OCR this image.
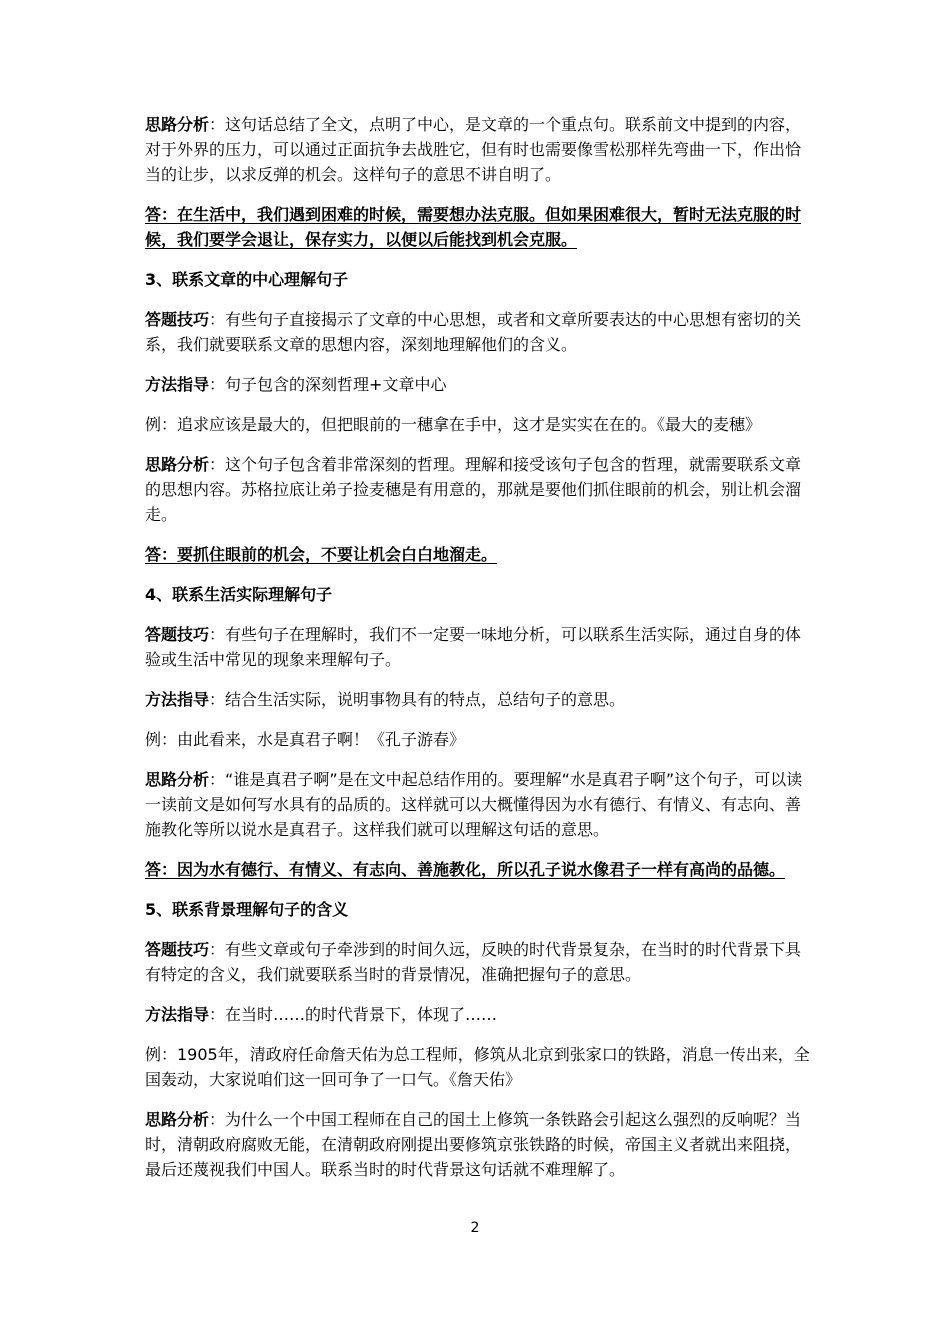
思路分析：这句话总结了全文，点明了中心，是文章的一个重点句。联系前文中提到的内容，对于外界的压力，可以通过正面抗争去战胜它，但有时也需要像雪松那样先弯曲一下，作出恰当的让步，以求反弹的机会。这样句子的意思不讲自明了。

答：在生活中，我们遇到困难的时候，需要想办法克服。但如果困难很大，暂时无法克服的时候，我们要学会退让，保存实力，以便以后能找到机会克服。

3、联系文章的中心理解句子

答题技巧：有些句子直接揭示了文章的中心思想，或者和文章所要表达的中心思想有密切的关系，我们就要联系文章的思想内容，深刻地理解他们的含义。

方法指导：句子包含的深刻哲理+文章中心

例：追求应该是最大的，但把眼前的一穗拿在手中，这才是实实在在的。《最大的麦穗》

思路分析：这个句子包含着非常深刻的哲理。理解和接受该句子包含的哲理，就需要联系文章的思想内容。苏格拉底让弟子捡麦穗是有用意的，那就是要他们抓住眼前的机会，别让机会溜走。

答：要抓住眼前的机会，不要让机会白白地溜走。

4、联系生活实际理解句子

答题技巧：有些句子在理解时，我们不一定要一味地分析，可以联系生活实际，通过自身的体验或生活中常见的现象来理解句子。

方法指导：结合生活实际，说明事物具有的特点，总结句子的意思。

例：由此看来，水是真君子啊！《孔子游春》

思路分析：“谁是真君子啊”是在文中起总结作用的。要理解“水是真君子啊”这个句子，可以读一读前文是如何写水具有的品质的。这样就可以大概懂得因为水有德行、有情义、有志向、善施教化等所以说水是真君子。这样我们就可以理解这句话的意思。

答：因为水有德行、有情义、有志向、善施教化，所以孔子说水像君子一样有高尚的品德。

5、联系背景理解句子的含义

答题技巧：有些文章或句子牵涉到的时间久远，反映的时代背景复杂，在当时的时代背景下具有特定的含义，我们就要联系当时的背景情况，准确把握句子的意思。

方法指导：在当时……的时代背景下，体现了……

例：1905年，清政府任命詹天佑为总工程师，修筑从北京到张家口的铁路，消息一传出来，全国轰动，大家说咱们这一回可争了一口气。《詹天佑》

思路分析：为什么一个中国工程师在自己的国土上修筑一条铁路会引起这么强烈的反响呢？当时，清朝政府腐败无能，在清朝政府刚提出要修筑京张铁路的时候，帝国主义者就出来阻挠，最后还蔑视我们中国人。联系当时的时代背景这句话就不难理解了。

2
